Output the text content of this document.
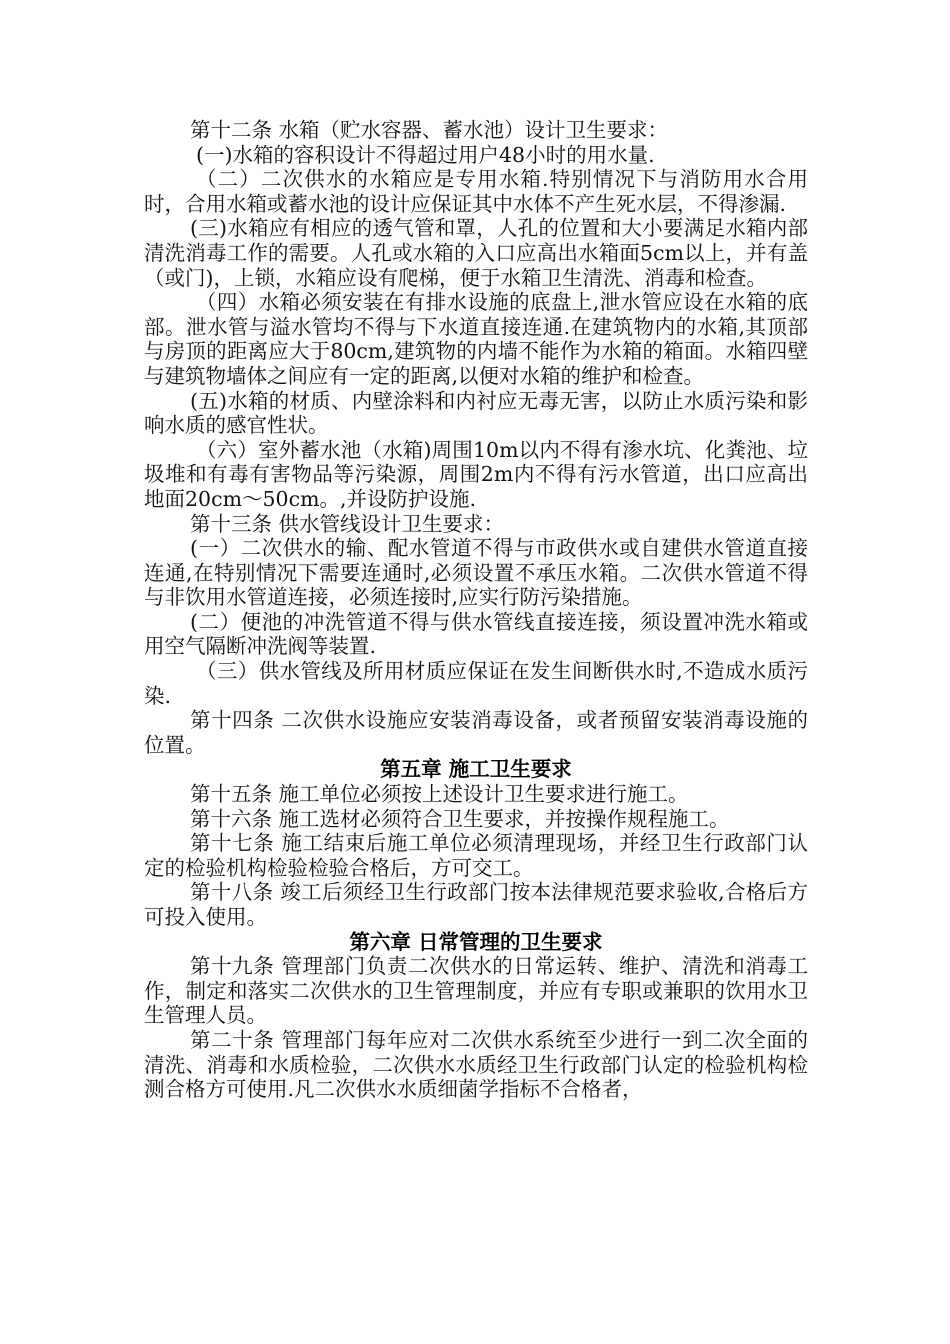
第十二条 水箱（贮水容器、蓄水池）设计卫生要求：

(一)水箱的容积设计不得超过用户48小时的用水量.

（二）二次供水的水箱应是专用水箱.特别情况下与消防用水合用时，合用水箱或蓄水池的设计应保证其中水体不产生死水层，不得渗漏.

(三)水箱应有相应的透气管和罩，人孔的位置和大小要满足水箱内部清洗消毒工作的需要。人孔或水箱的入口应高出水箱面5cm以上，并有盖（或门)，上锁，水箱应设有爬梯，便于水箱卫生清洗、消毒和检查。

（四）水箱必须安装在有排水设施的底盘上,泄水管应设在水箱的底部。泄水管与溢水管均不得与下水道直接连通.在建筑物内的水箱,其顶部与房顶的距离应大于80cm,建筑物的内墙不能作为水箱的箱面。水箱四壁与建筑物墙体之间应有一定的距离,以便对水箱的维护和检查。

(五)水箱的材质、内壁涂料和内衬应无毒无害，以防止水质污染和影响水质的感官性状。

（六）室外蓄水池（水箱)周围10m以内不得有渗水坑、化粪池、垃圾堆和有毒有害物品等污染源，周围2m内不得有污水管道，出口应高出地面20cm～50cm。,并设防护设施.

第十三条 供水管线设计卫生要求：

(一）二次供水的输、配水管道不得与市政供水或自建供水管道直接连通,在特别情况下需要连通时,必须设置不承压水箱。二次供水管道不得与非饮用水管道连接，必须连接时,应实行防污染措施。

(二）便池的冲洗管道不得与供水管线直接连接，须设置冲洗水箱或用空气隔断冲洗阀等装置.

（三）供水管线及所用材质应保证在发生间断供水时,不造成水质污染.

第十四条 二次供水设施应安装消毒设备，或者预留安装消毒设施的位置。

第五章 施工卫生要求

第十五条 施工单位必须按上述设计卫生要求进行施工。

第十六条 施工选材必须符合卫生要求，并按操作规程施工。

第十七条 施工结束后施工单位必须清理现场，并经卫生行政部门认定的检验机构检验检验合格后，方可交工。

第十八条 竣工后须经卫生行政部门按本法律规范要求验收,合格后方可投入使用。

第六章 日常管理的卫生要求

第十九条 管理部门负责二次供水的日常运转、维护、清洗和消毒工作，制定和落实二次供水的卫生管理制度，并应有专职或兼职的饮用水卫生管理人员。

第二十条 管理部门每年应对二次供水系统至少进行一到二次全面的清洗、消毒和水质检验，二次供水水质经卫生行政部门认定的检验机构检测合格方可使用.凡二次供水水质细菌学指标不合格者，
